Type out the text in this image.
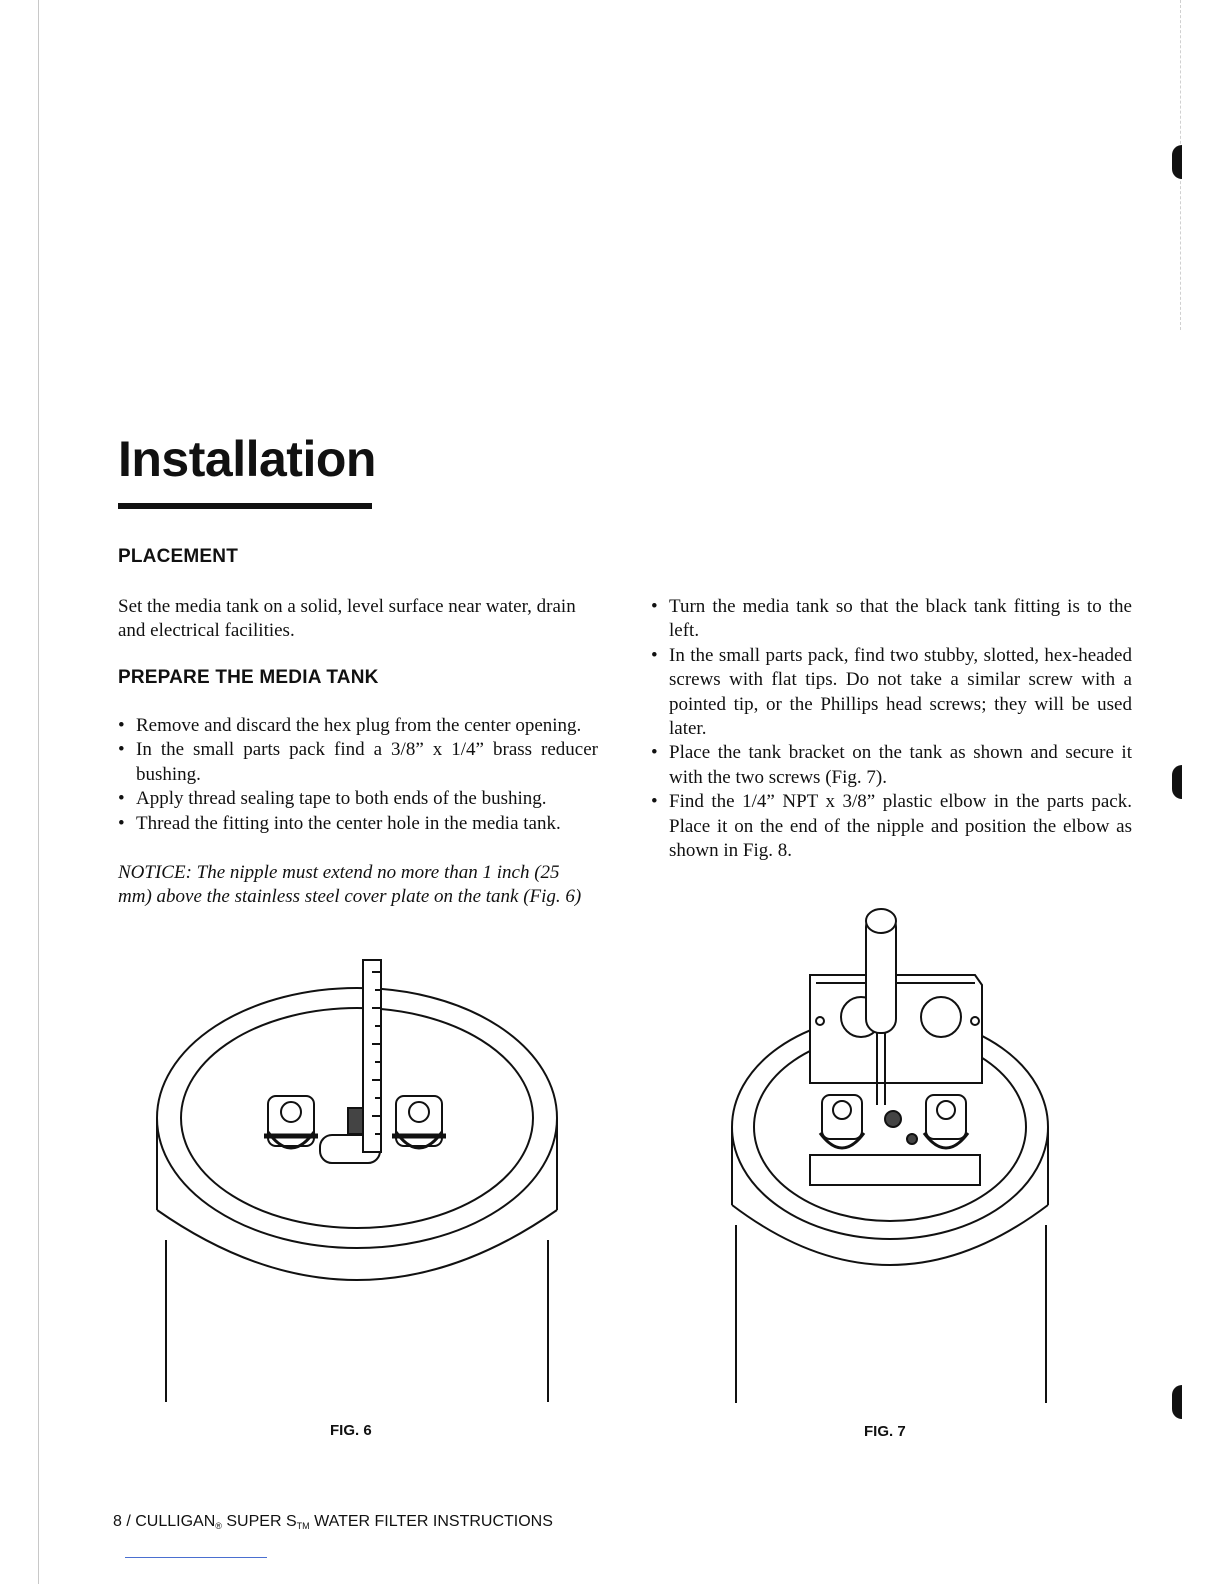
Installation
PLACEMENT

Set the media tank on a solid, level surface near water, drain and electrical facilities.

PREPARE THE MEDIA TANK
• Remove and discard the hex plug from the center opening.
• In the small parts pack find a 3/8” x 1/4” brass reducer bushing.
• Apply thread sealing tape to both ends of the bushing.
• Thread the fitting into the center hole in the media tank.

NOTICE: The nipple must extend no more than 1 inch (25 mm) above the stainless steel cover plate on the tank (Fig. 6)

• Turn the media tank so that the black tank fitting is to the left.
• In the small parts pack, find two stubby, slotted, hex-headed screws with flat tips. Do not take a similar screw with a pointed tip, or the Phillips head screws; they will be used later.
• Place the tank bracket on the tank as shown and secure it with the two screws (Fig. 7).
• Find the 1/4” NPT x 3/8” plastic elbow in the parts pack. Place it on the end of the nipple and position the elbow as shown in Fig. 8.

FIG. 6	FIG. 7

$8 / CULLIGAN_®$ SUPER $S_{TM}$ WATER FILTER INSTRUCTIONS
